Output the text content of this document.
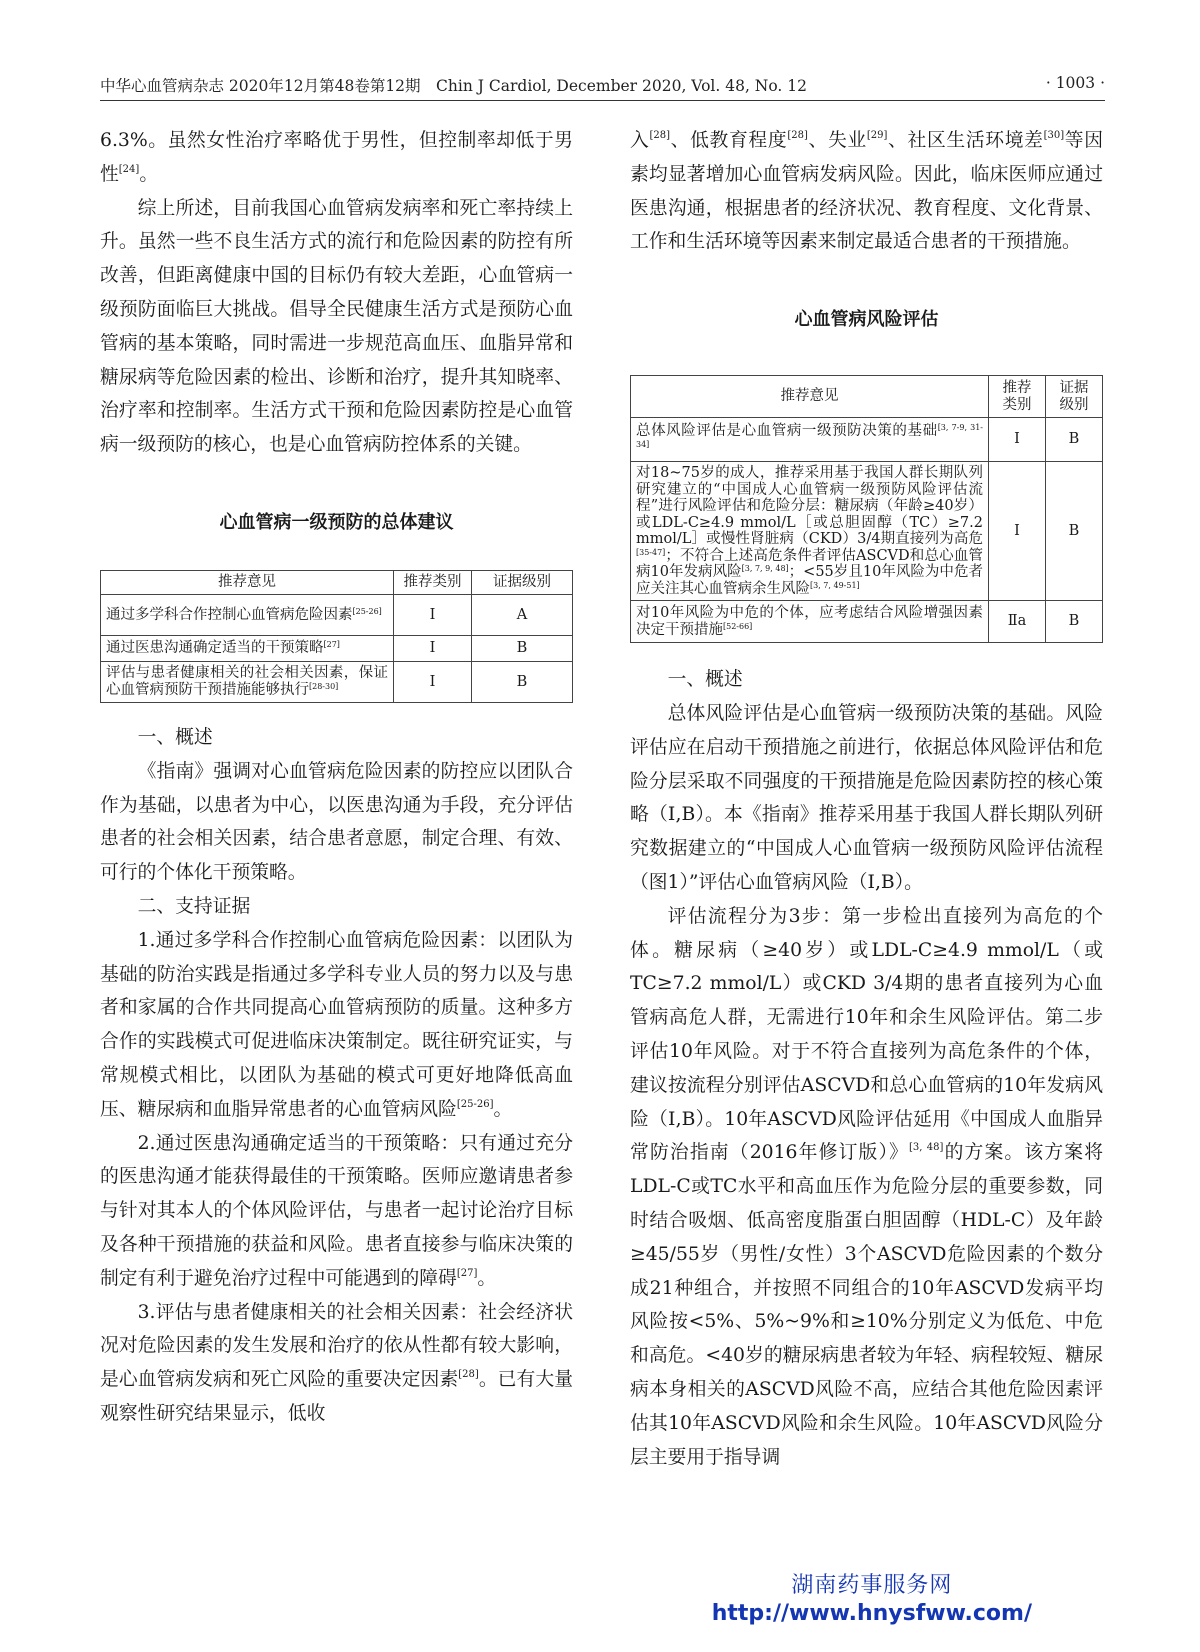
中华心血管病杂志 2020年12月第48卷第12期　Chin J Cardiol, December 2020, Vol. 48, No. 12	· 1003 ·

6.3%。虽然女性治疗率略优于男性，但控制率却低于男性[24]。

综上所述，目前我国心血管病发病率和死亡率持续上升。虽然一些不良生活方式的流行和危险因素的防控有所改善，但距离健康中国的目标仍有较大差距，心血管病一级预防面临巨大挑战。倡导全民健康生活方式是预防心血管病的基本策略，同时需进一步规范高血压、血脂异常和糖尿病等危险因素的检出、诊断和治疗，提升其知晓率、治疗率和控制率。生活方式干预和危险因素防控是心血管病一级预防的核心，也是心血管病防控体系的关键。

心血管病一级预防的总体建议
推荐意见	推荐类别	证据级别
通过多学科合作控制心血管病危险因素[25-26]	Ⅰ	A
通过医患沟通确定适当的干预策略[27]	Ⅰ	B
评估与患者健康相关的社会相关因素，保证心血管病预防干预措施能够执行[28-30]	Ⅰ	B

一、概述

《指南》强调对心血管病危险因素的防控应以团队合作为基础，以患者为中心，以医患沟通为手段，充分评估患者的社会相关因素，结合患者意愿，制定合理、有效、可行的个体化干预策略。

二、支持证据

1.通过多学科合作控制心血管病危险因素：以团队为基础的防治实践是指通过多学科专业人员的努力以及与患者和家属的合作共同提高心血管病预防的质量。这种多方合作的实践模式可促进临床决策制定。既往研究证实，与常规模式相比，以团队为基础的模式可更好地降低高血压、糖尿病和血脂异常患者的心血管病风险[25-26]。

2.通过医患沟通确定适当的干预策略：只有通过充分的医患沟通才能获得最佳的干预策略。医师应邀请患者参与针对其本人的个体风险评估，与患者一起讨论治疗目标及各种干预措施的获益和风险。患者直接参与临床决策的制定有利于避免治疗过程中可能遇到的障碍[27]。

3.评估与患者健康相关的社会相关因素：社会经济状况对危险因素的发生发展和治疗的依从性都有较大影响，是心血管病发病和死亡风险的重要决定因素[28]。已有大量观察性研究结果显示，低收

入[28]、低教育程度[28]、失业[29]、社区生活环境差[30]等因素均显著增加心血管病发病风险。因此，临床医师应通过医患沟通，根据患者的经济状况、教育程度、文化背景、工作和生活环境等因素来制定最适合患者的干预措施。

心血管病风险评估
推荐意见	推荐类别	证据级别

总体风险评估是心血管病一级预防决策的基础[3, 7-9, 31-34]	Ⅰ	B
对18~75岁的成人，推荐采用基于我国人群长期队列研究建立的“中国成人心血管病一级预防风险评估流程”进行风险评估和危险分层：糖尿病（年龄≥40岁）或LDL-C≥4.9 mmol/L［或总胆固醇（TC）≥7.2 mmol/L］或慢性肾脏病（CKD）3/4期直接列为高危[35-47]；不符合上述高危条件者评估ASCVD和总心血管病10年发病风险[3, 7, 9, 48]；<55岁且10年风险为中危者应关注其心血管病余生风险[3, 7, 49-51]	Ⅰ	B
对10年风险为中危的个体，应考虑结合风险增强因素决定干预措施[52-66]	Ⅱa	B

一、概述

总体风险评估是心血管病一级预防决策的基础。风险评估应在启动干预措施之前进行，依据总体风险评估和危险分层采取不同强度的干预措施是危险因素防控的核心策略（Ⅰ,B）。本《指南》推荐采用基于我国人群长期队列研究数据建立的“中国成人心血管病一级预防风险评估流程（图1）”评估心血管病风险（Ⅰ,B）。

评估流程分为3步：第一步检出直接列为高危的个体。糖尿病（≥40岁）或LDL-C≥4.9 mmol/L（或TC≥7.2 mmol/L）或CKD 3/4期的患者直接列为心血管病高危人群，无需进行10年和余生风险评估。第二步评估10年风险。对于不符合直接列为高危条件的个体，建议按流程分别评估ASCVD和总心血管病的10年发病风险（Ⅰ,B）。10年ASCVD风险评估延用《中国成人血脂异常防治指南（2016年修订版）》[3, 48]的方案。该方案将LDL-C或TC水平和高血压作为危险分层的重要参数，同时结合吸烟、低高密度脂蛋白胆固醇（HDL-C）及年龄≥45/55岁（男性/女性）3个ASCVD危险因素的个数分成21种组合，并按照不同组合的10年ASCVD发病平均风险按<5%、5%~9%和≥10%分别定义为低危、中危和高危。<40岁的糖尿病患者较为年轻、病程较短、糖尿病本身相关的ASCVD风险不高，应结合其他危险因素评估其10年ASCVD风险和余生风险。10年ASCVD风险分层主要用于指导调

湖南药事服务网
http://www.hnysfww.com/
